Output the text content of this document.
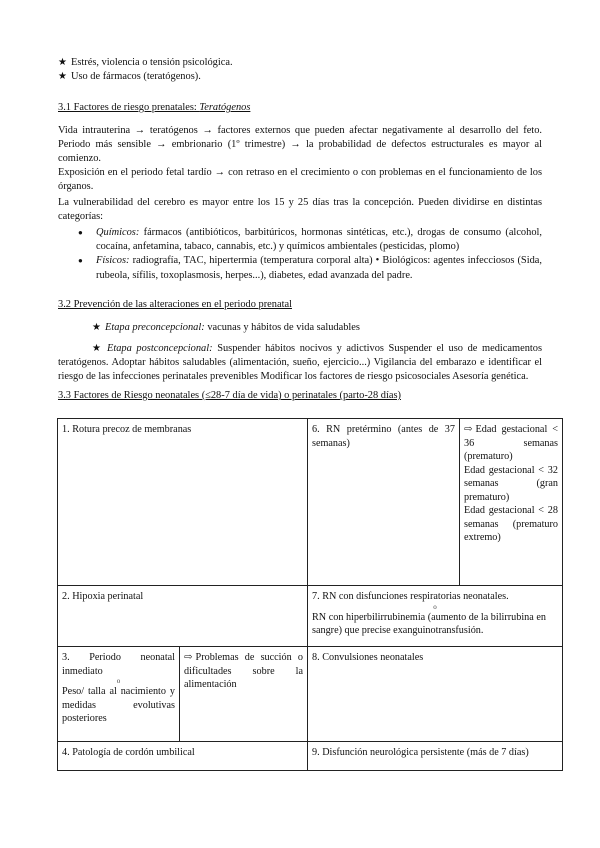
★ Estrés, violencia o tensión psicológica.
★ Uso de fármacos (teratógenos).
3.1 Factores de riesgo prenatales: Teratógenos
Vida intrauterina → teratógenos → factores externos que pueden afectar negativamente al desarrollo del feto. Periodo más sensible → embrionario (1º trimestre) → la probabilidad de defectos estructurales es mayor al comienzo.
Exposición en el periodo fetal tardío → con retraso en el crecimiento o con problemas en el funcionamiento de los órganos.
La vulnerabilidad del cerebro es mayor entre los 15 y 25 días tras la concepción. Pueden dividirse en distintas categorías:
● Químicos: fármacos (antibióticos, barbitúricos, hormonas sintéticas, etc.), drogas de consumo (alcohol, cocaína, anfetamina, tabaco, cannabis, etc.) y químicos ambientales (pesticidas, plomo)
● Físicos: radiografía, TAC, hipertermia (temperatura corporal alta) • Biológicos: agentes infecciosos (Sida, rubeola, sífilis, toxoplasmosis, herpes...), diabetes, edad avanzada del padre.
3.2 Prevención de las alteraciones en el periodo prenatal
★ Etapa preconcepcional: vacunas y hábitos de vida saludables
★ Etapa postconcepcional: Suspender hábitos nocivos y adictivos Suspender el uso de medicamentos teratógenos. Adoptar hábitos saludables (alimentación, sueño, ejercicio...) Vigilancia del embarazo e identificar el riesgo de las infecciones perinatales prevenibles Modificar los factores de riesgo psicosociales Asesoría genética.
3.3 Factores de Riesgo neonatales (≤28-7 día de vida) o perinatales (parto-28 días)
1. Rotura precoz de membranas		6. RN pretérmino (antes de 37 semanas)	⇨ Edad gestacional < 36 semanas (prematuro)
Edad gestacional < 32 semanas (gran prematuro)
Edad gestacional < 28 semanas (prematuro extremo)

2. Hipoxia perinatal		7. RN con disfunciones respiratorias neonatales.
o
RN con hiperbilirrubinemia (aumento de la bilirrubina en sangre) que precise exanguinotransfusión.	

3. Periodo neonatal inmediato
o
Peso/ talla al nacimiento y medidas evolutivas posteriores	⇨ Problemas de succión o dificultades sobre la alimentación	8. Convulsiones neonatales	
4. Patología de cordón umbilical		9. Disfunción neurológica persistente (más de 7 días)	
